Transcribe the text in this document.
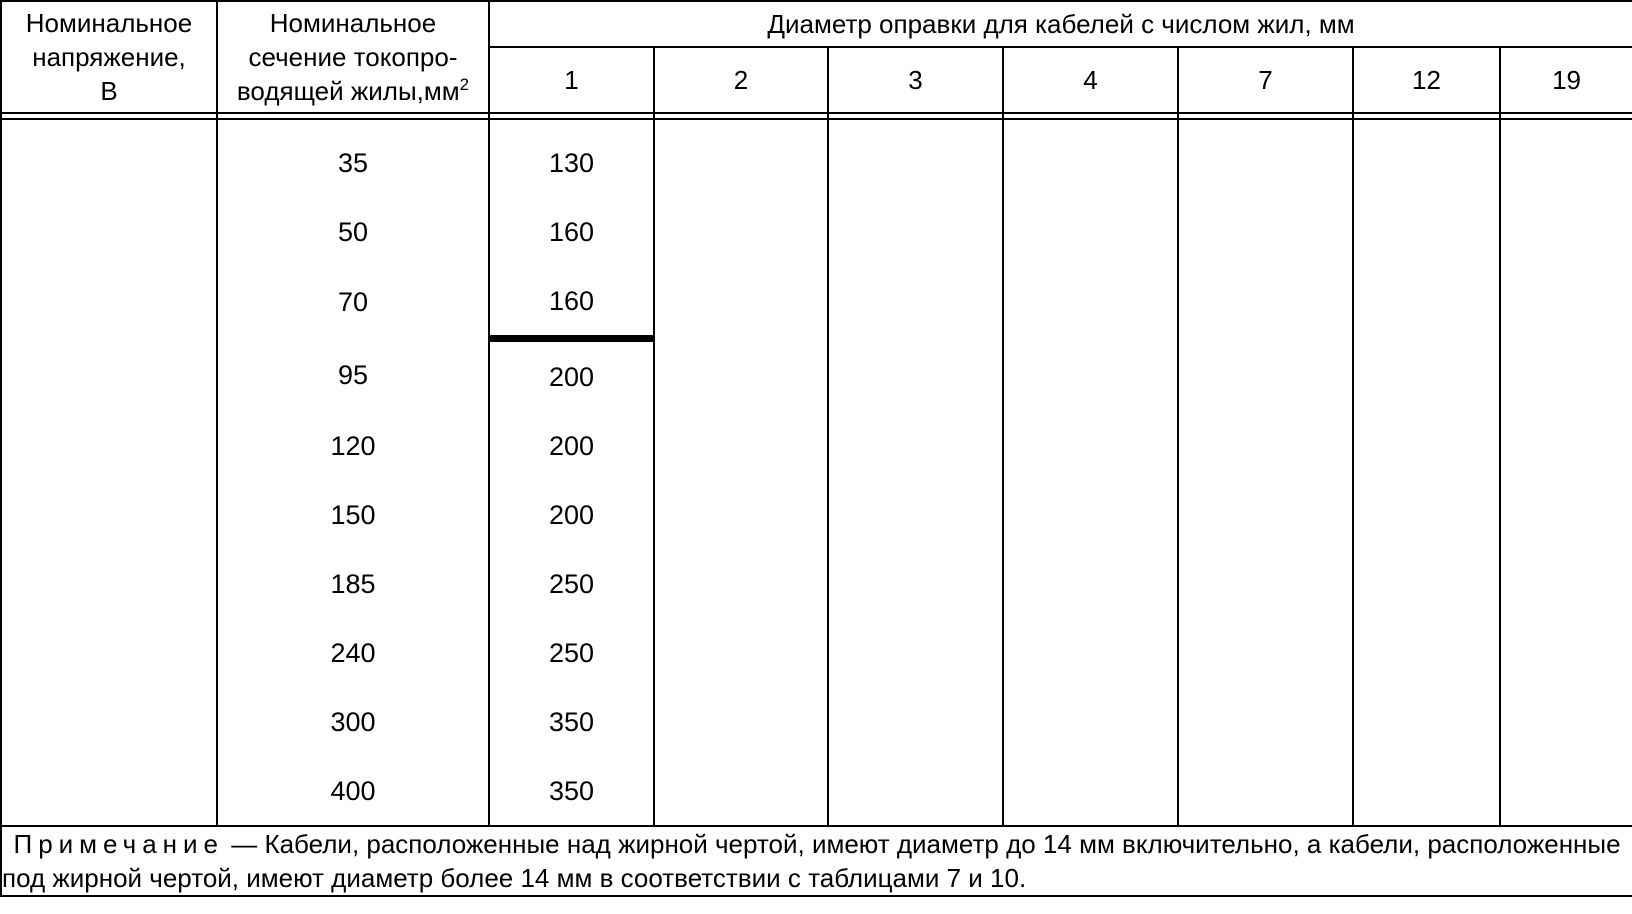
Номинальное
напряжение,
В	Номинальное
сечение токопро-
водящей $жилы,мм^2$	Диаметр оправки для кабелей с числом жил, мм						
		1	2	3	4	7	12	19

	35	130						
	50	160						
	70	160						
	95	200						
	120	200						
	150	200						
	185	250						
	240	250						
	300	350						
	400	350						
Примечание — Кабели, расположенные над жирной чертой, имеют диаметр до 14 мм включительно, а кабели, расположенные под жирной чертой, имеют диаметр более 14 мм в соответствии с таблицами 7 и 10.								
